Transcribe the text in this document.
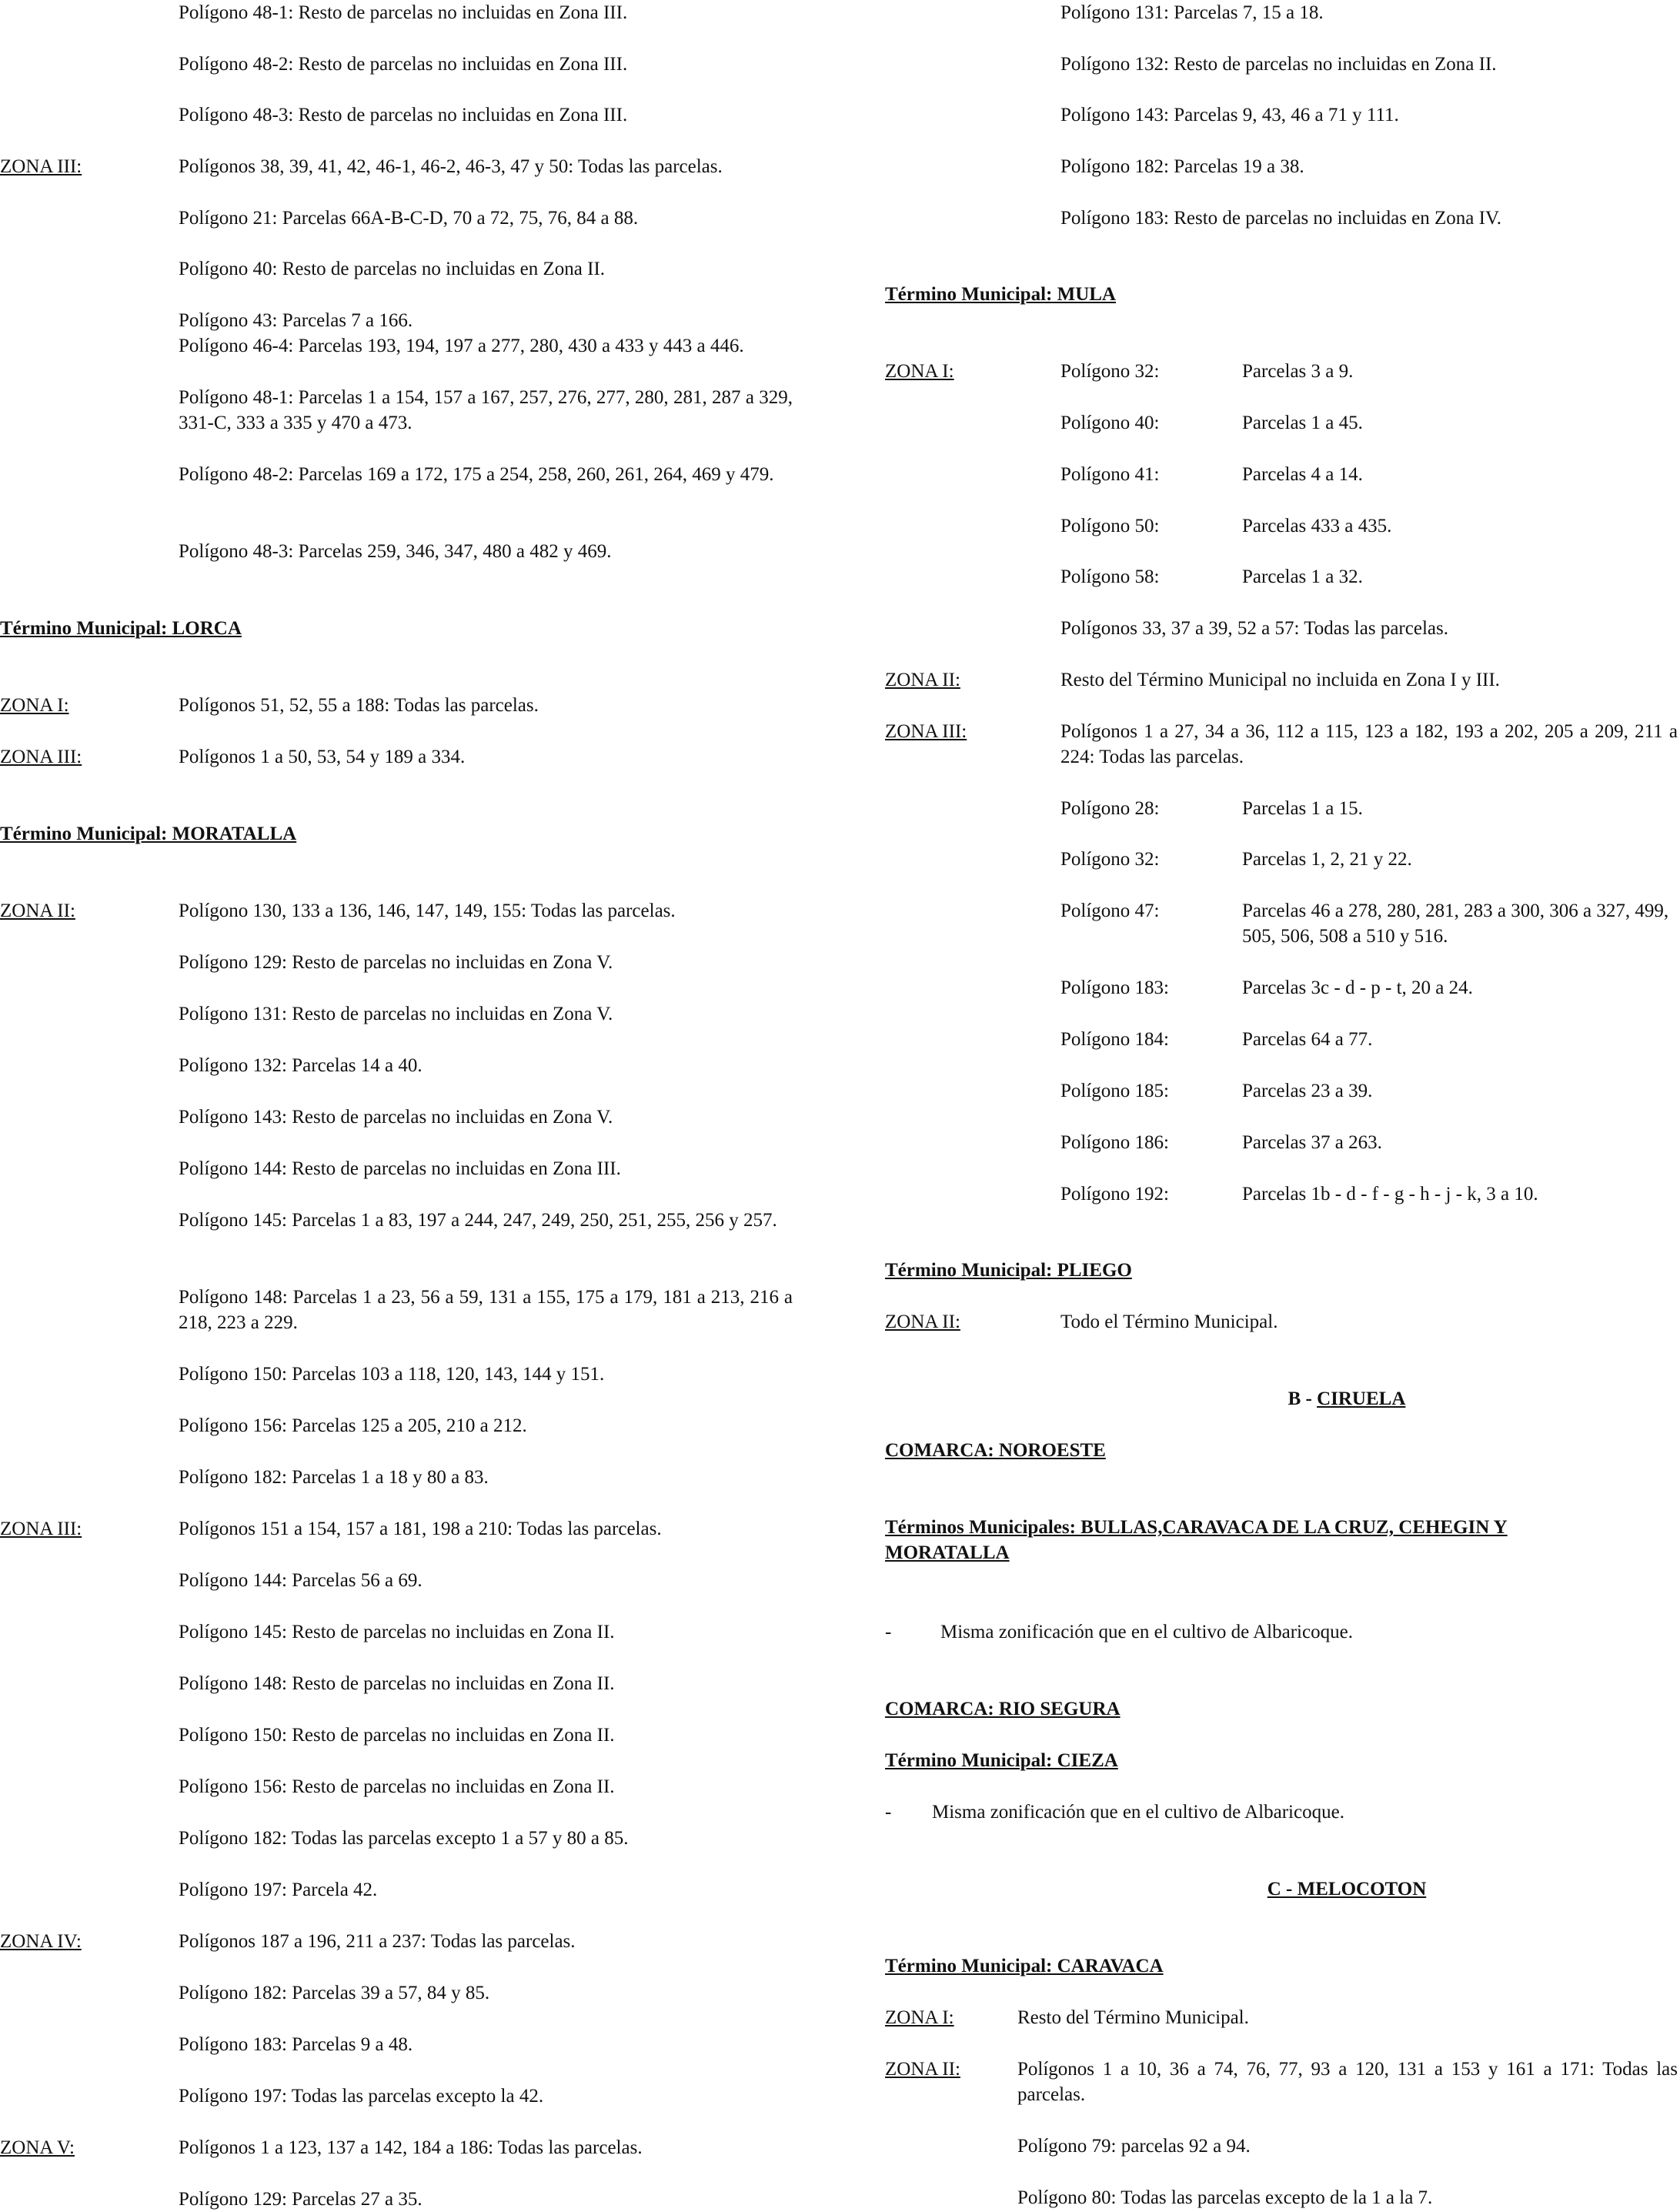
Polígono 48-1: Resto de parcelas no incluidas en Zona III.
Polígono 48-2: Resto de parcelas no incluidas en Zona III.
Polígono 48-3: Resto de parcelas no incluidas en Zona III.
ZONA III:	Polígonos 38, 39, 41, 42, 46-1, 46-2, 46-3, 47 y 50: Todas las parcelas.
Polígono 21: Parcelas 66A-B-C-D, 70 a 72, 75, 76, 84 a 88.
Polígono 40: Resto de parcelas no incluidas en Zona II.
Polígono 43: Parcelas 7 a 166.
Polígono 46-4: Parcelas 193, 194, 197 a 277, 280, 430 a 433 y 443 a 446.
Polígono 48-1: Parcelas 1 a 154, 157 a 167, 257, 276, 277, 280, 281, 287 a 329, 331-C, 333 a 335 y 470 a 473.
Polígono 48-2: Parcelas 169 a 172, 175 a 254, 258, 260, 261, 264, 469 y 479.
Polígono 48-3: Parcelas 259, 346, 347, 480 a 482 y 469.
Término Municipal: LORCA
ZONA I:	Polígonos 51, 52, 55 a 188: Todas las parcelas.
ZONA III:	Polígonos 1 a 50, 53, 54 y 189 a 334.
Término Municipal: MORATALLA
ZONA II:	Polígono 130, 133 a 136, 146, 147, 149, 155: Todas las parcelas.
Polígono 129: Resto de parcelas no incluidas en Zona V.
Polígono 131: Resto de parcelas no incluidas en Zona V.
Polígono 132: Parcelas 14 a 40.
Polígono 143: Resto de parcelas no incluidas en Zona V.
Polígono 144: Resto de parcelas no incluidas en Zona III.
Polígono 145: Parcelas 1 a 83, 197 a 244, 247, 249, 250, 251, 255, 256 y 257.
Polígono 148: Parcelas 1 a 23, 56 a 59, 131 a 155, 175 a 179, 181 a 213, 216 a 218, 223 a 229.
Polígono 150: Parcelas 103 a 118, 120, 143, 144 y 151.
Polígono 156: Parcelas 125 a 205, 210 a 212.
Polígono 182: Parcelas 1 a 18 y 80 a 83.
ZONA III:	Polígonos 151 a 154, 157 a 181, 198 a 210: Todas las parcelas.
Polígono 144: Parcelas 56 a 69.
Polígono 145: Resto de parcelas no incluidas en Zona II.
Polígono 148: Resto de parcelas no incluidas en Zona II.
Polígono 150: Resto de parcelas no incluidas en Zona II.
Polígono 156: Resto de parcelas no incluidas en Zona II.
Polígono 182: Todas las parcelas excepto 1 a 57 y 80 a 85.
Polígono 197: Parcela 42.
ZONA IV:	Polígonos 187 a 196, 211 a 237: Todas las parcelas.
Polígono 182: Parcelas 39 a 57, 84 y 85.
Polígono 183: Parcelas 9 a 48.
Polígono 197: Todas las parcelas excepto la 42.
ZONA V:	Polígonos 1 a 123, 137 a 142, 184 a 186: Todas las parcelas.
Polígono 129: Parcelas 27 a 35.
Polígono 131: Parcelas 7, 15 a 18.
Polígono 132: Resto de parcelas no incluidas en Zona II.
Polígono 143: Parcelas 9, 43, 46 a 71 y 111.
Polígono 182: Parcelas 19 a 38.
Polígono 183: Resto de parcelas no incluidas en Zona IV.
Término Municipal: MULA
ZONA I:	Polígono 32:	Parcelas 3 a 9.
Polígono 40:	Parcelas 1 a 45.
Polígono 41:	Parcelas 4 a 14.
Polígono 50:	Parcelas 433 a 435.
Polígono 58:	Parcelas 1 a 32.
Polígonos 33, 37 a 39, 52 a 57: Todas las parcelas.
ZONA II:	Resto del Término Municipal no incluida en Zona I y III.
ZONA III:	Polígonos 1 a 27, 34 a 36, 112 a 115, 123 a 182, 193 a 202, 205 a 209, 211 a 224: Todas las parcelas.
Polígono 28:	Parcelas 1 a 15.
Polígono 32:	Parcelas 1, 2, 21 y 22.
Polígono 47:	Parcelas 46 a 278, 280, 281, 283 a 300, 306 a 327, 499, 505, 506, 508 a 510 y 516.
Polígono 183:	Parcelas 3c - d - p - t, 20 a 24.
Polígono 184:	Parcelas 64 a 77.
Polígono 185:	Parcelas 23 a 39.
Polígono 186:	Parcelas 37 a 263.
Polígono 192:	Parcelas 1b - d - f - g - h - j - k, 3 a 10.
Término Municipal: PLIEGO
ZONA II:	Todo el Término Municipal.
B - CIRUELA
COMARCA: NOROESTE
Términos Municipales: BULLAS,CARAVACA DE LA CRUZ, CEHEGIN Y MORATALLA
-	Misma zonificación que en el cultivo de Albaricoque.
COMARCA: RIO SEGURA
Término Municipal: CIEZA
- Misma zonificación que en el cultivo de Albaricoque.
C - MELOCOTON
Término Municipal: CARAVACA
ZONA I:	Resto del Término Municipal.
ZONA II:	Polígonos 1 a 10, 36 a 74, 76, 77, 93 a 120, 131 a 153 y 161 a 171: Todas las parcelas.
Polígono 79: parcelas 92 a 94.
Polígono 80: Todas las parcelas excepto de la 1 a la 7.
